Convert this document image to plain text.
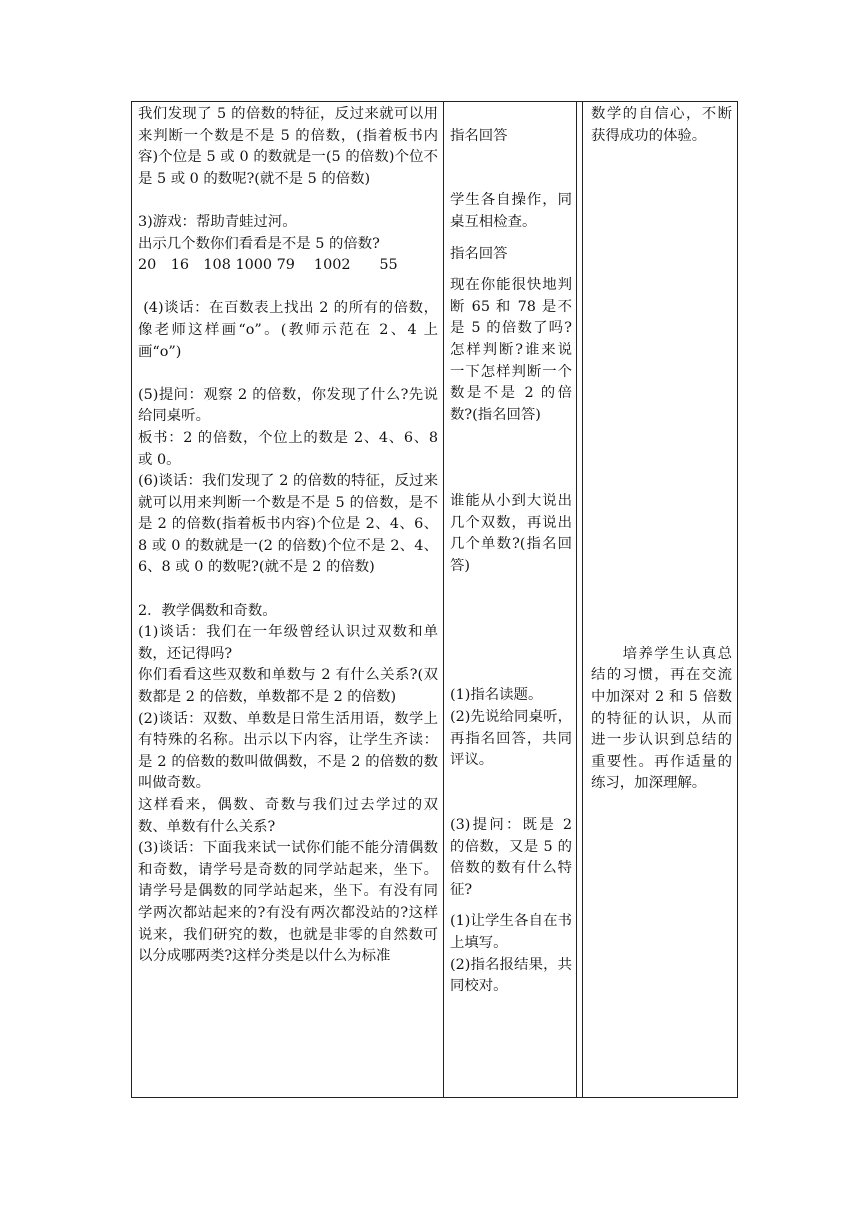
我们发现了 5 的倍数的特征，反过来就可以用来判断一个数是不是 5 的倍数，(指着板书内容)个位是 5 或 0 的数就是一(5 的倍数)个位不是 5 或 0 的数呢?(就不是 5 的倍数)

3)游戏：帮助青蛙过河。

出示几个数你们看看是不是 5 的倍数?

20　16　108 1000 79　 1002　　55

(4)谈话：在百数表上找出 2 的所有的倍数，像老师这样画“o”。(教师示范在 2、4 上画“o”)

(5)提问：观察 2 的倍数，你发现了什么?先说给同桌听。

板书：2 的倍数，个位上的数是 2、4、6、8 或 0。

(6)谈话：我们发现了 2 的倍数的特征，反过来就可以用来判断一个数是不是 5 的倍数，是不是 2 的倍数(指着板书内容)个位是 2、4、6、8 或 0 的数就是一(2 的倍数)个位不是 2、4、6、8 或 0 的数呢?(就不是 2 的倍数)

2．教学偶数和奇数。

(1)谈话：我们在一年级曾经认识过双数和单数，还记得吗?

你们看看这些双数和单数与 2 有什么关系?(双数都是 2 的倍数，单数都不是 2 的倍数)

(2)谈话：双数、单数是日常生活用语，数学上有特殊的名称。出示以下内容，让学生齐读：是 2 的倍数的数叫做偶数，不是 2 的倍数的数叫做奇数。

这样看来，偶数、奇数与我们过去学过的双数、单数有什么关系?

(3)谈话：下面我来试一试你们能不能分清偶数和奇数，请学号是奇数的同学站起来，坐下。请学号是偶数的同学站起来，坐下。有没有同学两次都站起来的?有没有两次都没站的?这样说来，我们研究的数，也就是非零的自然数可以分成哪两类?这样分类是以什么为标准

指名回答

学生各自操作，同桌互相检查。

指名回答

现在你能很快地判断 65 和 78 是不是 5 的倍数了吗?怎样判断?谁来说一下怎样判断一个数是不是 2 的倍数?(指名回答)

谁能从小到大说出几个双数，再说出几个单数?(指名回答)

(1)指名读题。

(2)先说给同桌听，再指名回答，共同评议。

(3)提问：既是 2 的倍数，又是 5 的倍数的数有什么特征?

(1)让学生各自在书上填写。

(2)指名报结果，共同校对。

数学的自信心，不断获得成功的体验。

　　培养学生认真总结的习惯，再在交流中加深对 2 和 5 倍数的特征的认识，从而进一步认识到总结的重要性。再作适量的练习，加深理解。
